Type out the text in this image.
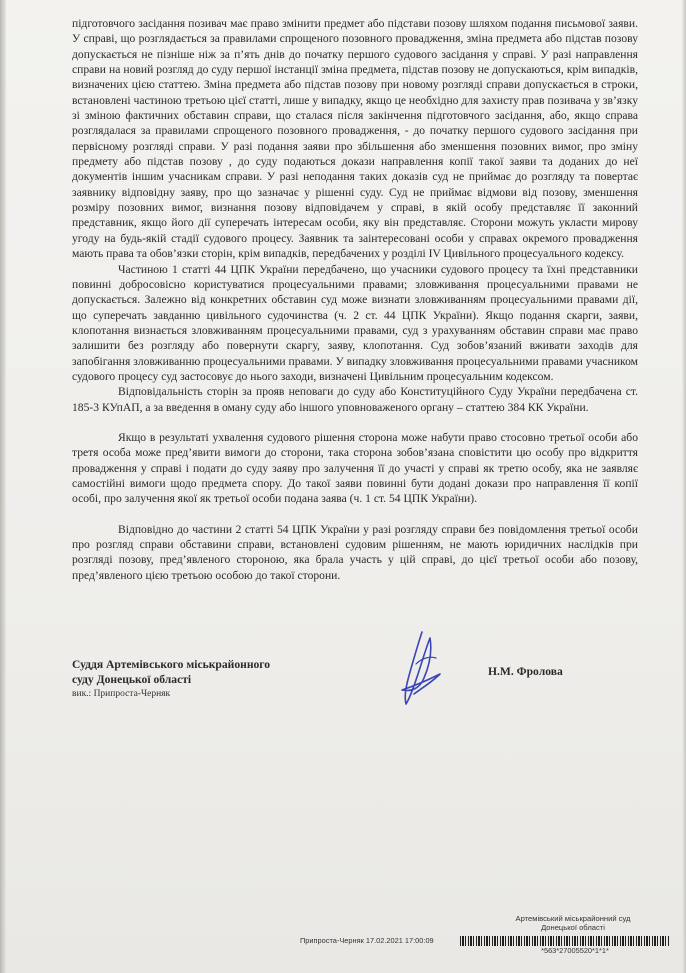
підготовчого засідання позивач має право змінити предмет або підстави позову шляхом подання письмової заяви. У справі, що розглядається за правилами спрощеного позовного провадження, зміна предмета або підстав позову допускається не пізніше ніж за п’ять днів до початку першого судового засідання у справі. У разі направлення справи на новий розгляд до суду першої інстанції зміна предмета, підстав позову не допускаються, крім випадків, визначених цією статтею. Зміна предмета або підстав позову при новому розгляді справи допускається в строки, встановлені частиною третьою цієї статті, лише у випадку, якщо це необхідно для захисту прав позивача у зв’язку зі зміною фактичних обставин справи, що сталася після закінчення підготовчого засідання, або, якщо справа розглядалася за правилами спрощеного позовного провадження, - до початку першого судового засідання при первісному розгляді справи. У разі подання заяви про збільшення або зменшення позовних вимог, про зміну предмету або підстав позову , до суду подаються докази направлення копії такої заяви та доданих до неї документів іншим учасникам справи. У разі неподання таких доказів суд не приймає до розгляду та повертає заявнику відповідну заяву, про що зазначає у рішенні суду. Суд не приймає відмови від позову, зменшення розміру позовних вимог, визнання позову відповідачем у справі, в якій особу представляє її законний представник, якщо його дії суперечать інтересам особи, яку він представляє. Сторони можуть укласти мирову угоду на будь-якій стадії судового процесу. Заявник та заінтересовані особи у справах окремого провадження мають права та обов’язки сторін, крім випадків, передбачених у розділі IV Цивільного процесуального кодексу.

Частиною 1 статті 44 ЦПК України передбачено, що учасники судового процесу та їхні представники повинні добросовісно користуватися процесуальними правами; зловживання процесуальними правами не допускається. Залежно від конкретних обставин суд може визнати зловживанням процесуальними правами дії, що суперечать завданню цивільного судочинства (ч. 2 ст. 44 ЦПК України). Якщо подання скарги, заяви, клопотання визнається зловживанням процесуальними правами, суд з урахуванням обставин справи має право залишити без розгляду або повернути скаргу, заяву, клопотання. Суд зобов’язаний вживати заходів для запобігання зловживанню процесуальними правами. У випадку зловживання процесуальними правами учасником судового процесу суд застосовує до нього заходи, визначені Цивільним процесуальним кодексом.

Відповідальність сторін за прояв неповаги до суду або Конституційного Суду України передбачена ст. 185-3 КУпАП, а за введення в оману суду або іншого уповноваженого органу – статтею 384 КК України.

Якщо в результаті ухвалення судового рішення сторона може набути право стосовно третьої особи або третя особа може пред’явити вимоги до сторони, така сторона зобов’язана сповістити цю особу про відкриття провадження у справі і подати до суду заяву про залучення її до участі у справі як третю особу, яка не заявляє самостійні вимоги щодо предмета спору. До такої заяви повинні бути додані докази про направлення її копії особі, про залучення якої як третьої особи подана заява (ч. 1 ст. 54 ЦПК України).

Відповідно до частини 2 статті 54 ЦПК України у разі розгляду справи без повідомлення третьої особи про розгляд справи обставини справи, встановлені судовим рішенням, не мають юридичних наслідків при розгляді позову, пред’явленого стороною, яка брала участь у цій справі, до цієї третьої особи або позову, пред’явленого цією третьою особою до такої сторони.

Суддя Артемівського міськрайонного
суду Донецької області
вик.: Припроста-Черняк
Н.М. Фролова
Артемівський міськрайонний суд
Донецької області
Припроста-Черняк 17.02.2021 17:00:09
*563*27005520*1*1*
